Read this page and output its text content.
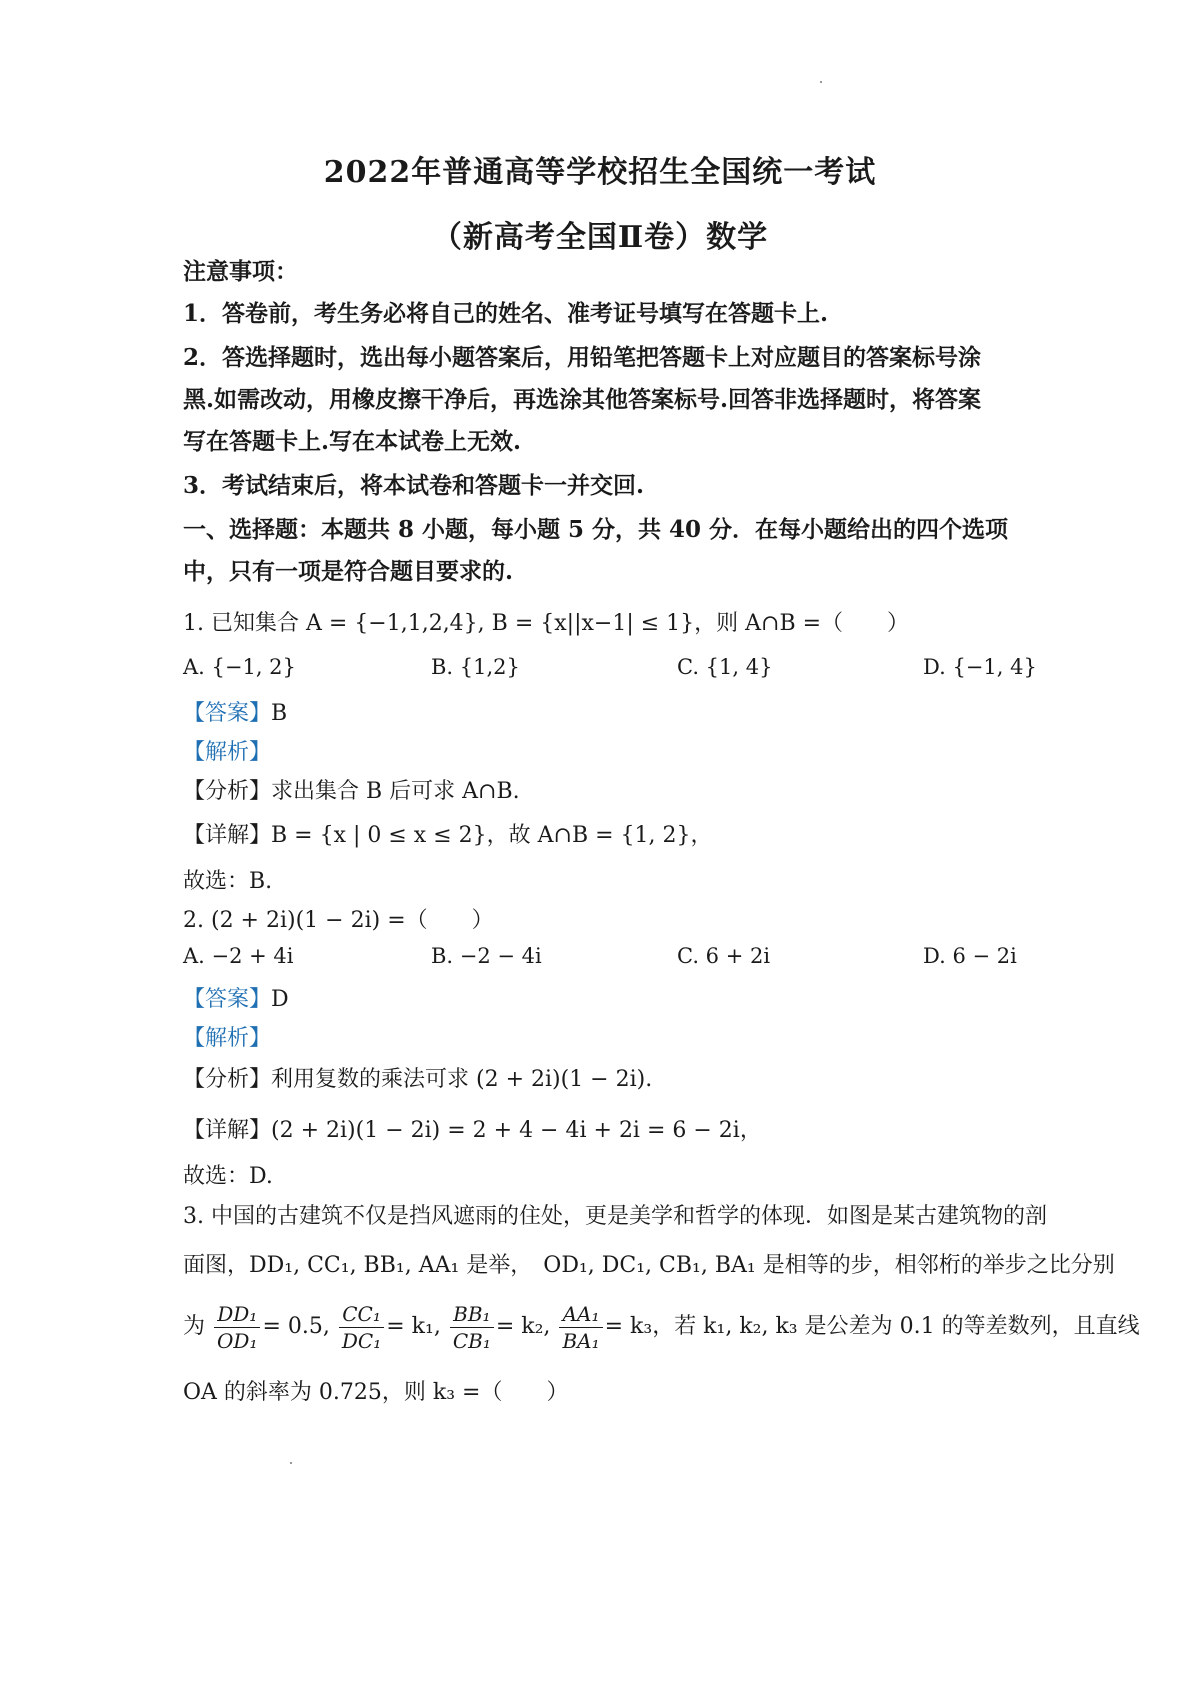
2022年普通高等学校招生全国统一考试
（新高考全国Ⅱ卷）数学
注意事项：
1．答卷前，考生务必将自己的姓名、准考证号填写在答题卡上.
2．答选择题时，选出每小题答案后，用铅笔把答题卡上对应题目的答案标号涂
黑.如需改动，用橡皮擦干净后，再选涂其他答案标号.回答非选择题时，将答案
写在答题卡上.写在本试卷上无效.
3．考试结束后，将本试卷和答题卡一并交回.
一、选择题：本题共 8 小题，每小题 5 分，共 40 分．在每小题给出的四个选项
中，只有一项是符合题目要求的.
1. 已知集合 A = {−1,1,2,4}, B = {x||x−1| ≤ 1}，则 A∩B =（　　）
A. {−1, 2}	B. {1,2}	C. {1, 4}	D. {−1, 4}
【答案】B
【解析】
【分析】求出集合 B 后可求 A∩B.
【详解】B = {x | 0 ≤ x ≤ 2}，故 A∩B = {1, 2}，
故选：B.
2. (2 + 2i)(1 − 2i) =（　　）
A. −2 + 4i	B. −2 − 4i	C. 6 + 2i	D. 6 − 2i
【答案】D
【解析】
【分析】利用复数的乘法可求 (2 + 2i)(1 − 2i).
【详解】(2 + 2i)(1 − 2i) = 2 + 4 − 4i + 2i = 6 − 2i，
故选：D.
3. 中国的古建筑不仅是挡风遮雨的住处，更是美学和哲学的体现．如图是某古建筑物的剖
面图，DD₁, CC₁, BB₁, AA₁ 是举，　OD₁, DC₁, CB₁, BA₁ 是相等的步，相邻桁的举步之比分别
为 $\frac{\text{DD₁}}{\text{OD₁}} = 0.5$, $\frac{\text{CC₁}}{\text{DC₁}} = k_1$, $\frac{\text{BB₁}}{\text{CB₁}} = k_2$, $\frac{\text{AA₁}}{\text{BA₁}} = k_3$，若 k₁, k₂, k₃ 是公差为 0.1 的等差数列，且直线
OA 的斜率为 0.725，则 k₃ =（　　）
